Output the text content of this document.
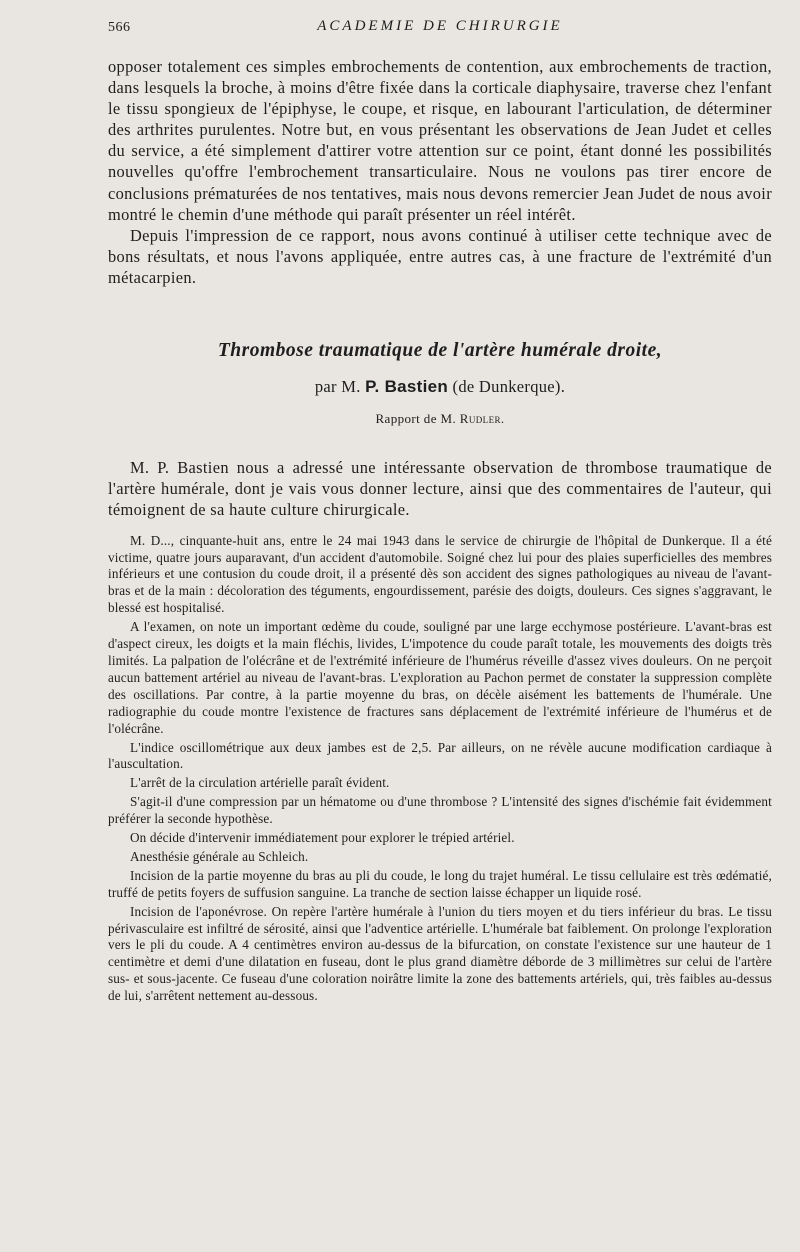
566	ACADEMIE DE CHIRURGIE

opposer totalement ces simples embrochements de contention, aux embrochements de traction, dans lesquels la broche, à moins d'être fixée dans la corticale diaphysaire, traverse chez l'enfant le tissu spongieux de l'épiphyse, le coupe, et risque, en labourant l'articulation, de déterminer des arthrites purulentes. Notre but, en vous présentant les observations de Jean Judet et celles du service, a été simplement d'attirer votre attention sur ce point, étant donné les possibilités nouvelles qu'offre l'embrochement transarticulaire. Nous ne voulons pas tirer encore de conclusions prématurées de nos tentatives, mais nous devons remercier Jean Judet de nous avoir montré le chemin d'une méthode qui paraît présenter un réel intérêt.

Depuis l'impression de ce rapport, nous avons continué à utiliser cette technique avec de bons résultats, et nous l'avons appliquée, entre autres cas, à une fracture de l'extrémité d'un métacarpien.

Thrombose traumatique de l'artère humérale droite,
par M. P. Bastien (de Dunkerque).
Rapport de M. Rudler.

M. P. Bastien nous a adressé une intéressante observation de thrombose traumatique de l'artère humérale, dont je vais vous donner lecture, ainsi que des commentaires de l'auteur, qui témoignent de sa haute culture chirurgicale.

M. D..., cinquante-huit ans, entre le 24 mai 1943 dans le service de chirurgie de l'hôpital de Dunkerque. Il a été victime, quatre jours auparavant, d'un accident d'automobile. Soigné chez lui pour des plaies superficielles des membres inférieurs et une contusion du coude droit, il a présenté dès son accident des signes pathologiques au niveau de l'avant-bras et de la main : décoloration des téguments, engourdissement, parésie des doigts, douleurs. Ces signes s'aggravant, le blessé est hospitalisé.

A l'examen, on note un important œdème du coude, souligné par une large ecchymose postérieure. L'avant-bras est d'aspect cireux, les doigts et la main fléchis, livides, L'impotence du coude paraît totale, les mouvements des doigts très limités. La palpation de l'olécrâne et de l'extrémité inférieure de l'humérus réveille d'assez vives douleurs. On ne perçoit aucun battement artériel au niveau de l'avant-bras. L'exploration au Pachon permet de constater la suppression complète des oscillations. Par contre, à la partie moyenne du bras, on décèle aisément les battements de l'humérale. Une radiographie du coude montre l'existence de fractures sans déplacement de l'extrémité inférieure de l'humérus et de l'olécrâne.

L'indice oscillométrique aux deux jambes est de 2,5. Par ailleurs, on ne révèle aucune modification cardiaque à l'auscultation.

L'arrêt de la circulation artérielle paraît évident.

S'agit-il d'une compression par un hématome ou d'une thrombose ? L'intensité des signes d'ischémie fait évidemment préférer la seconde hypothèse.

On décide d'intervenir immédiatement pour explorer le trépied artériel.

Anesthésie générale au Schleich.

Incision de la partie moyenne du bras au pli du coude, le long du trajet huméral. Le tissu cellulaire est très œdématié, truffé de petits foyers de suffusion sanguine. La tranche de section laisse échapper un liquide rosé.

Incision de l'aponévrose. On repère l'artère humérale à l'union du tiers moyen et du tiers inférieur du bras. Le tissu périvasculaire est infiltré de sérosité, ainsi que l'adventice artérielle. L'humérale bat faiblement. On prolonge l'exploration vers le pli du coude. A 4 centimètres environ au-dessus de la bifurcation, on constate l'existence sur une hauteur de 1 centimètre et demi d'une dilatation en fuseau, dont le plus grand diamètre déborde de 3 millimètres sur celui de l'artère sus- et sous-jacente. Ce fuseau d'une coloration noirâtre limite la zone des battements artériels, qui, très faibles au-dessus de lui, s'arrêtent nettement au-dessous.
